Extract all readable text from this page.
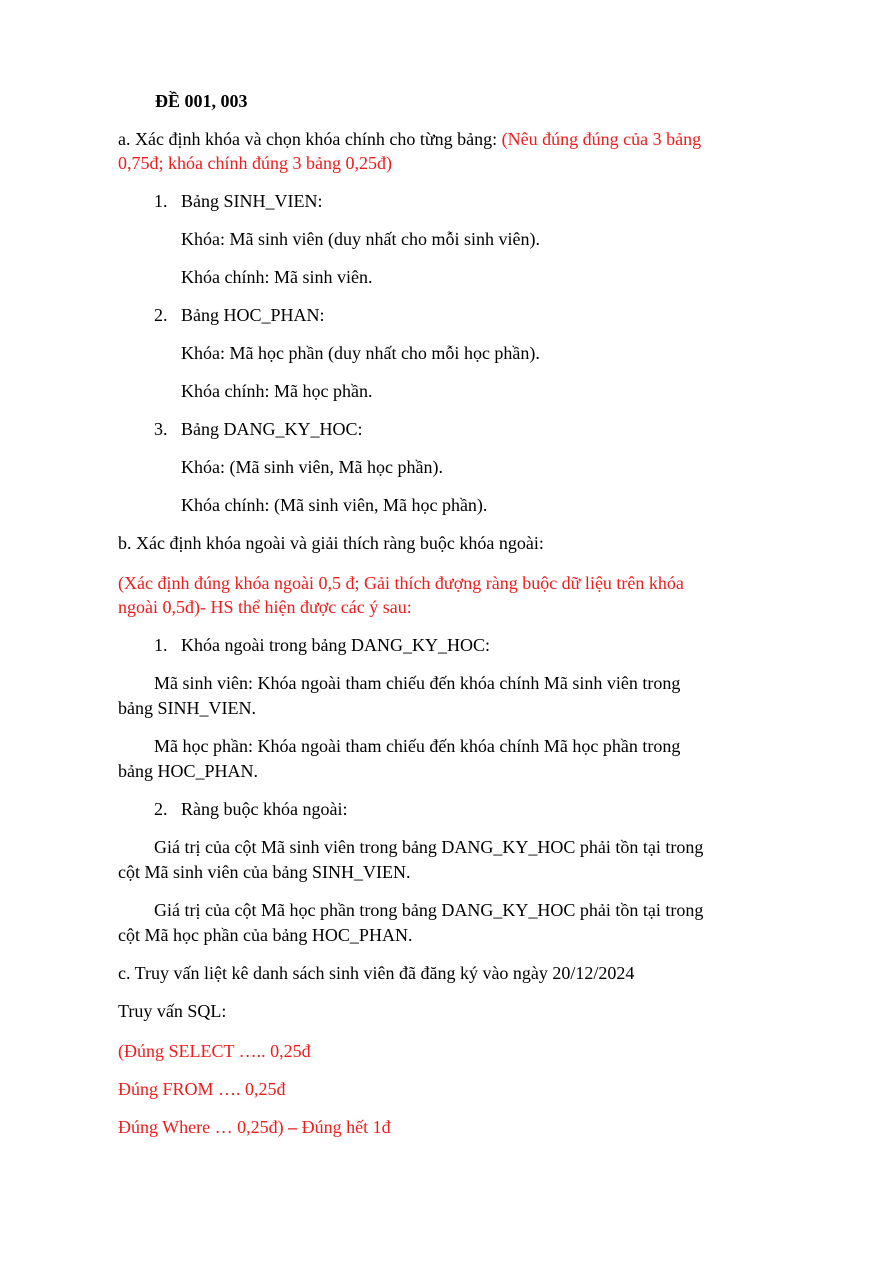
ĐỀ 001, 003
a. Xác định khóa và chọn khóa chính cho từng bảng: (Nêu đúng đúng của 3 bảng
0,75đ; khóa chính đúng 3 bảng 0,25đ)
1. Bảng SINH_VIEN:
Khóa: Mã sinh viên (duy nhất cho mỗi sinh viên).
Khóa chính: Mã sinh viên.
2. Bảng HOC_PHAN:
Khóa: Mã học phần (duy nhất cho mỗi học phần).
Khóa chính: Mã học phần.
3. Bảng DANG_KY_HOC:
Khóa: (Mã sinh viên, Mã học phần).
Khóa chính: (Mã sinh viên, Mã học phần).
b. Xác định khóa ngoài và giải thích ràng buộc khóa ngoài:
(Xác định đúng khóa ngoài 0,5 đ; Gải thích đượng ràng buộc dữ liệu trên khóa
ngoài 0,5đ)- HS thể hiện được các ý sau:
1. Khóa ngoài trong bảng DANG_KY_HOC:
Mã sinh viên: Khóa ngoài tham chiếu đến khóa chính Mã sinh viên trong
bảng SINH_VIEN.
Mã học phần: Khóa ngoài tham chiếu đến khóa chính Mã học phần trong
bảng HOC_PHAN.
2. Ràng buộc khóa ngoài:
Giá trị của cột Mã sinh viên trong bảng DANG_KY_HOC phải tồn tại trong
cột Mã sinh viên của bảng SINH_VIEN.
Giá trị của cột Mã học phần trong bảng DANG_KY_HOC phải tồn tại trong
cột Mã học phần của bảng HOC_PHAN.
c. Truy vấn liệt kê danh sách sinh viên đã đăng ký vào ngày 20/12/2024
Truy vấn SQL:
(Đúng SELECT ….. 0,25đ
Đúng FROM …. 0,25đ
Đúng Where … 0,25đ) – Đúng hết 1đ
